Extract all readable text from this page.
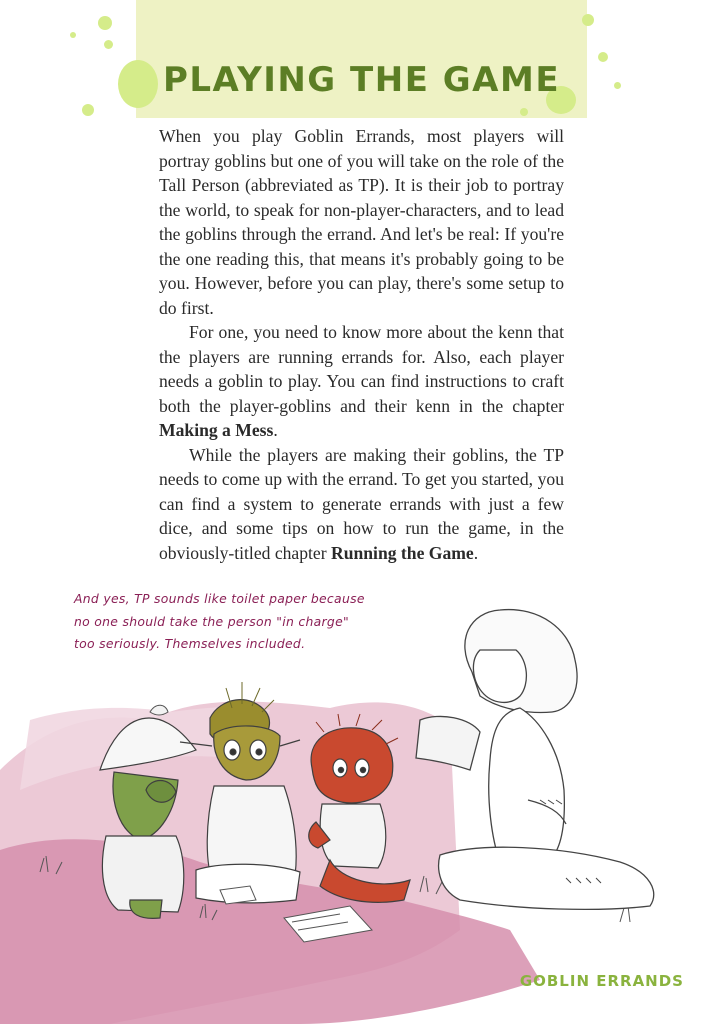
PLAYING THE GAME

When you play Goblin Errands, most players will portray goblins but one of you will take on the role of the Tall Person (abbreviated as TP). It is their job to portray the world, to speak for non-player-characters, and to lead the goblins through the errand. And let's be real: If you're the one reading this, that means it's probably going to be you. However, before you can play, there's some setup to do first.

For one, you need to know more about the kenn that the players are running errands for. Also, each player needs a goblin to play. You can find instructions to craft both the player-goblins and their kenn in the chapter Making a Mess.

While the players are making their goblins, the TP needs to come up with the errand. To get you started, you can find a system to generate errands with just a few dice, and some tips on how to run the game, in the obviously-titled chapter Running the Game.

And yes, TP sounds like toilet paper because
no one should take the person "in charge"
too seriously. Themselves included.
GOBLIN ERRANDS
